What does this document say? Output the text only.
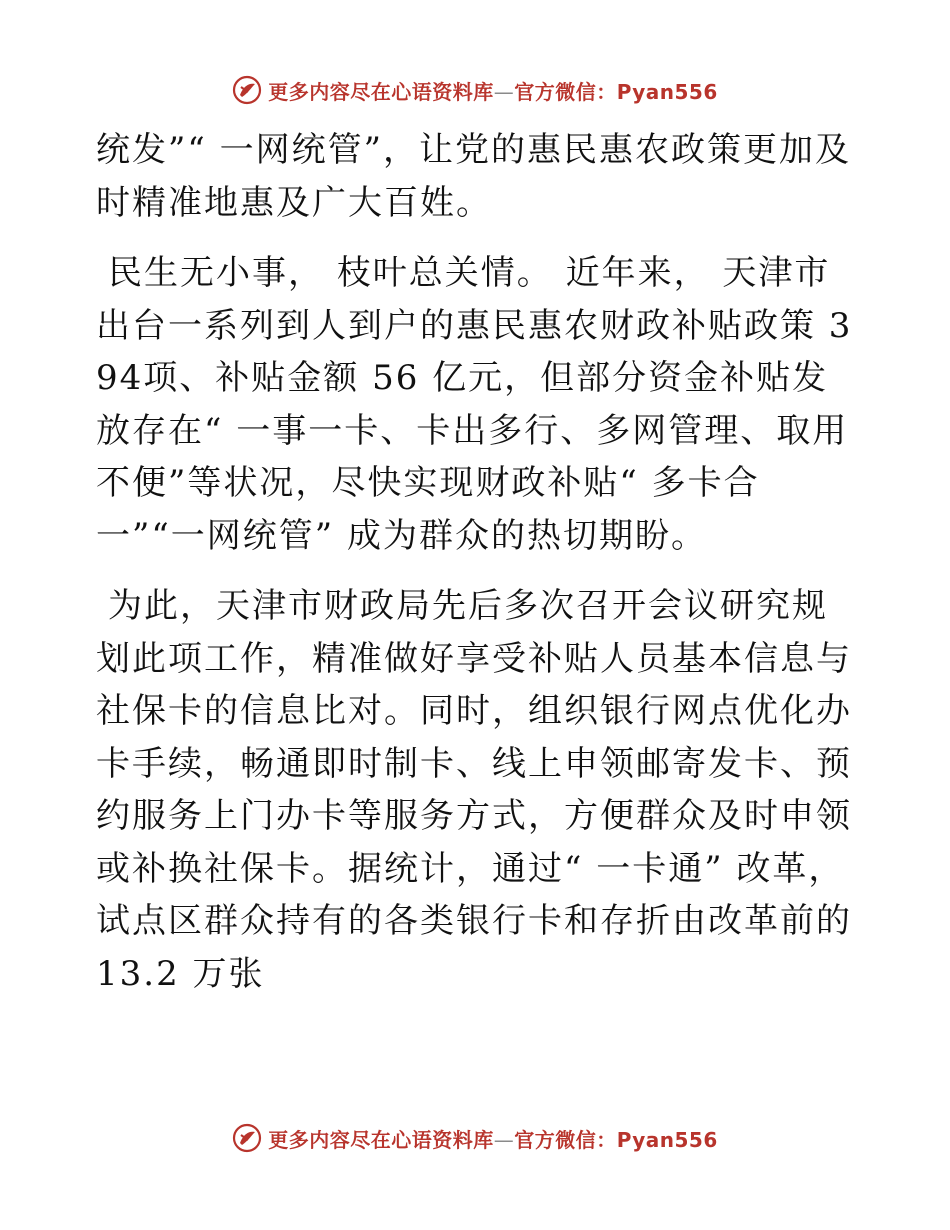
更多内容尽在心语资料库—官方微信：Pyan556

统发”“ 一网统管”，让党的惠民惠农政策更加及时精准地惠及广大百姓。

民生无小事， 枝叶总关情。 近年来， 天津市出台一系列到人到户的惠民惠农财政补贴政策 394项、补贴金额 56 亿元，但部分资金补贴发放存在“ 一事一卡、卡出多行、多网管理、取用不便”等状况，尽快实现财政补贴“ 多卡合一”“一网统管” 成为群众的热切期盼。

为此，天津市财政局先后多次召开会议研究规划此项工作，精准做好享受补贴人员基本信息与社保卡的信息比对。同时，组织银行网点优化办卡手续，畅通即时制卡、线上申领邮寄发卡、预约服务上门办卡等服务方式，方便群众及时申领或补换社保卡。据统计，通过“ 一卡通” 改革，试点区群众持有的各类银行卡和存折由改革前的 13.2 万张

更多内容尽在心语资料库—官方微信：Pyan556
